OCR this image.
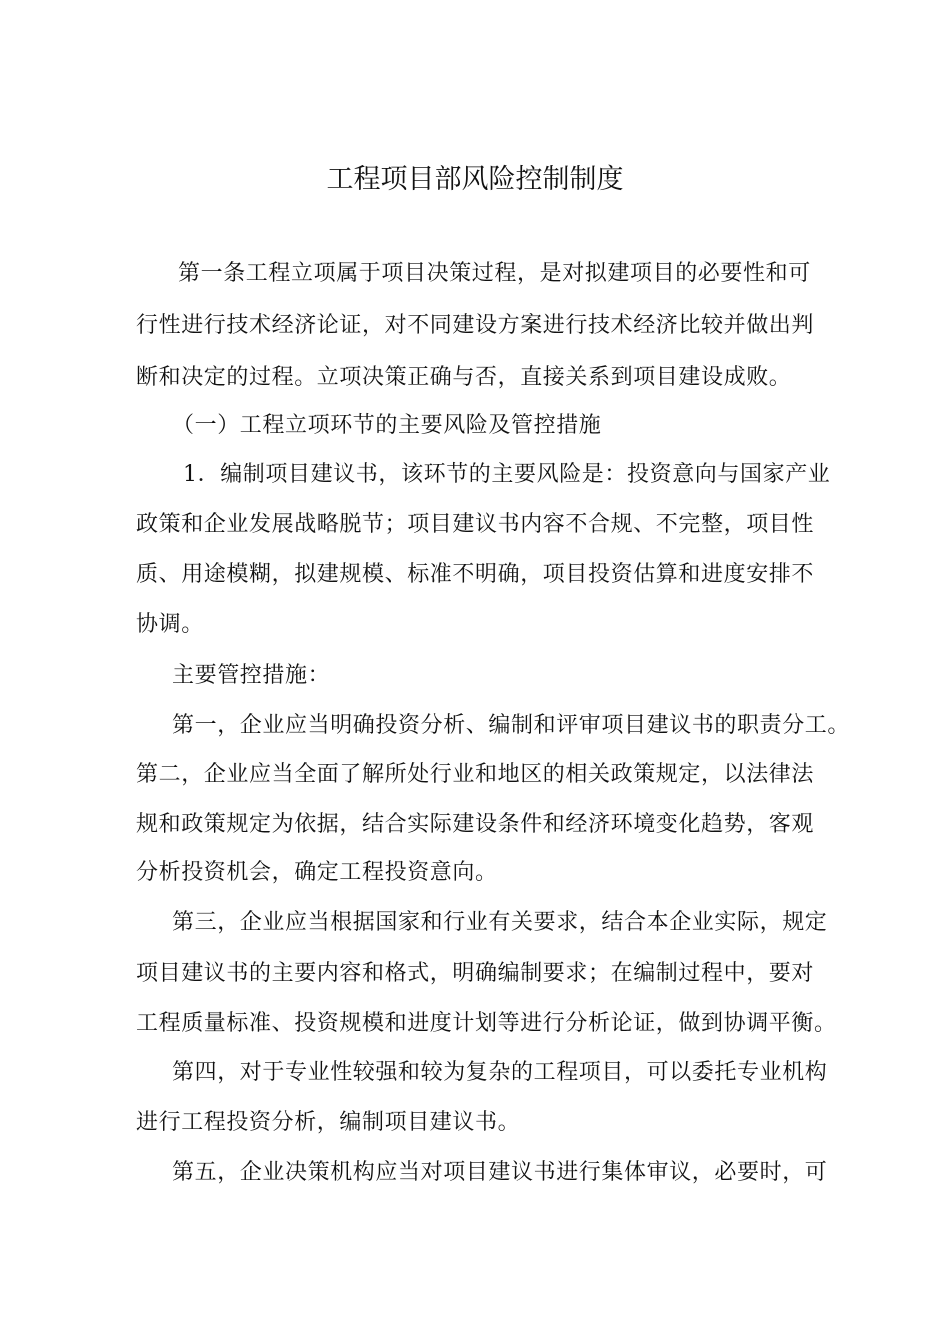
工程项目部风险控制制度
第一条工程立项属于项目决策过程，是对拟建项目的必要性和可
行性进行技术经济论证，对不同建设方案进行技术经济比较并做出判
断和决定的过程。立项决策正确与否，直接关系到项目建设成败。
（一）工程立项环节的主要风险及管控措施
1．编制项目建议书，该环节的主要风险是：投资意向与国家产业
政策和企业发展战略脱节；项目建议书内容不合规、不完整，项目性
质、用途模糊，拟建规模、标准不明确，项目投资估算和进度安排不
协调。
主要管控措施：
第一，企业应当明确投资分析、编制和评审项目建议书的职责分工。
第二，企业应当全面了解所处行业和地区的相关政策规定，以法律法
规和政策规定为依据，结合实际建设条件和经济环境变化趋势，客观
分析投资机会，确定工程投资意向。
第三，企业应当根据国家和行业有关要求，结合本企业实际，规定
项目建议书的主要内容和格式，明确编制要求；在编制过程中，要对
工程质量标准、投资规模和进度计划等进行分析论证，做到协调平衡。
第四，对于专业性较强和较为复杂的工程项目，可以委托专业机构
进行工程投资分析，编制项目建议书。
第五，企业决策机构应当对项目建议书进行集体审议，必要时，可
